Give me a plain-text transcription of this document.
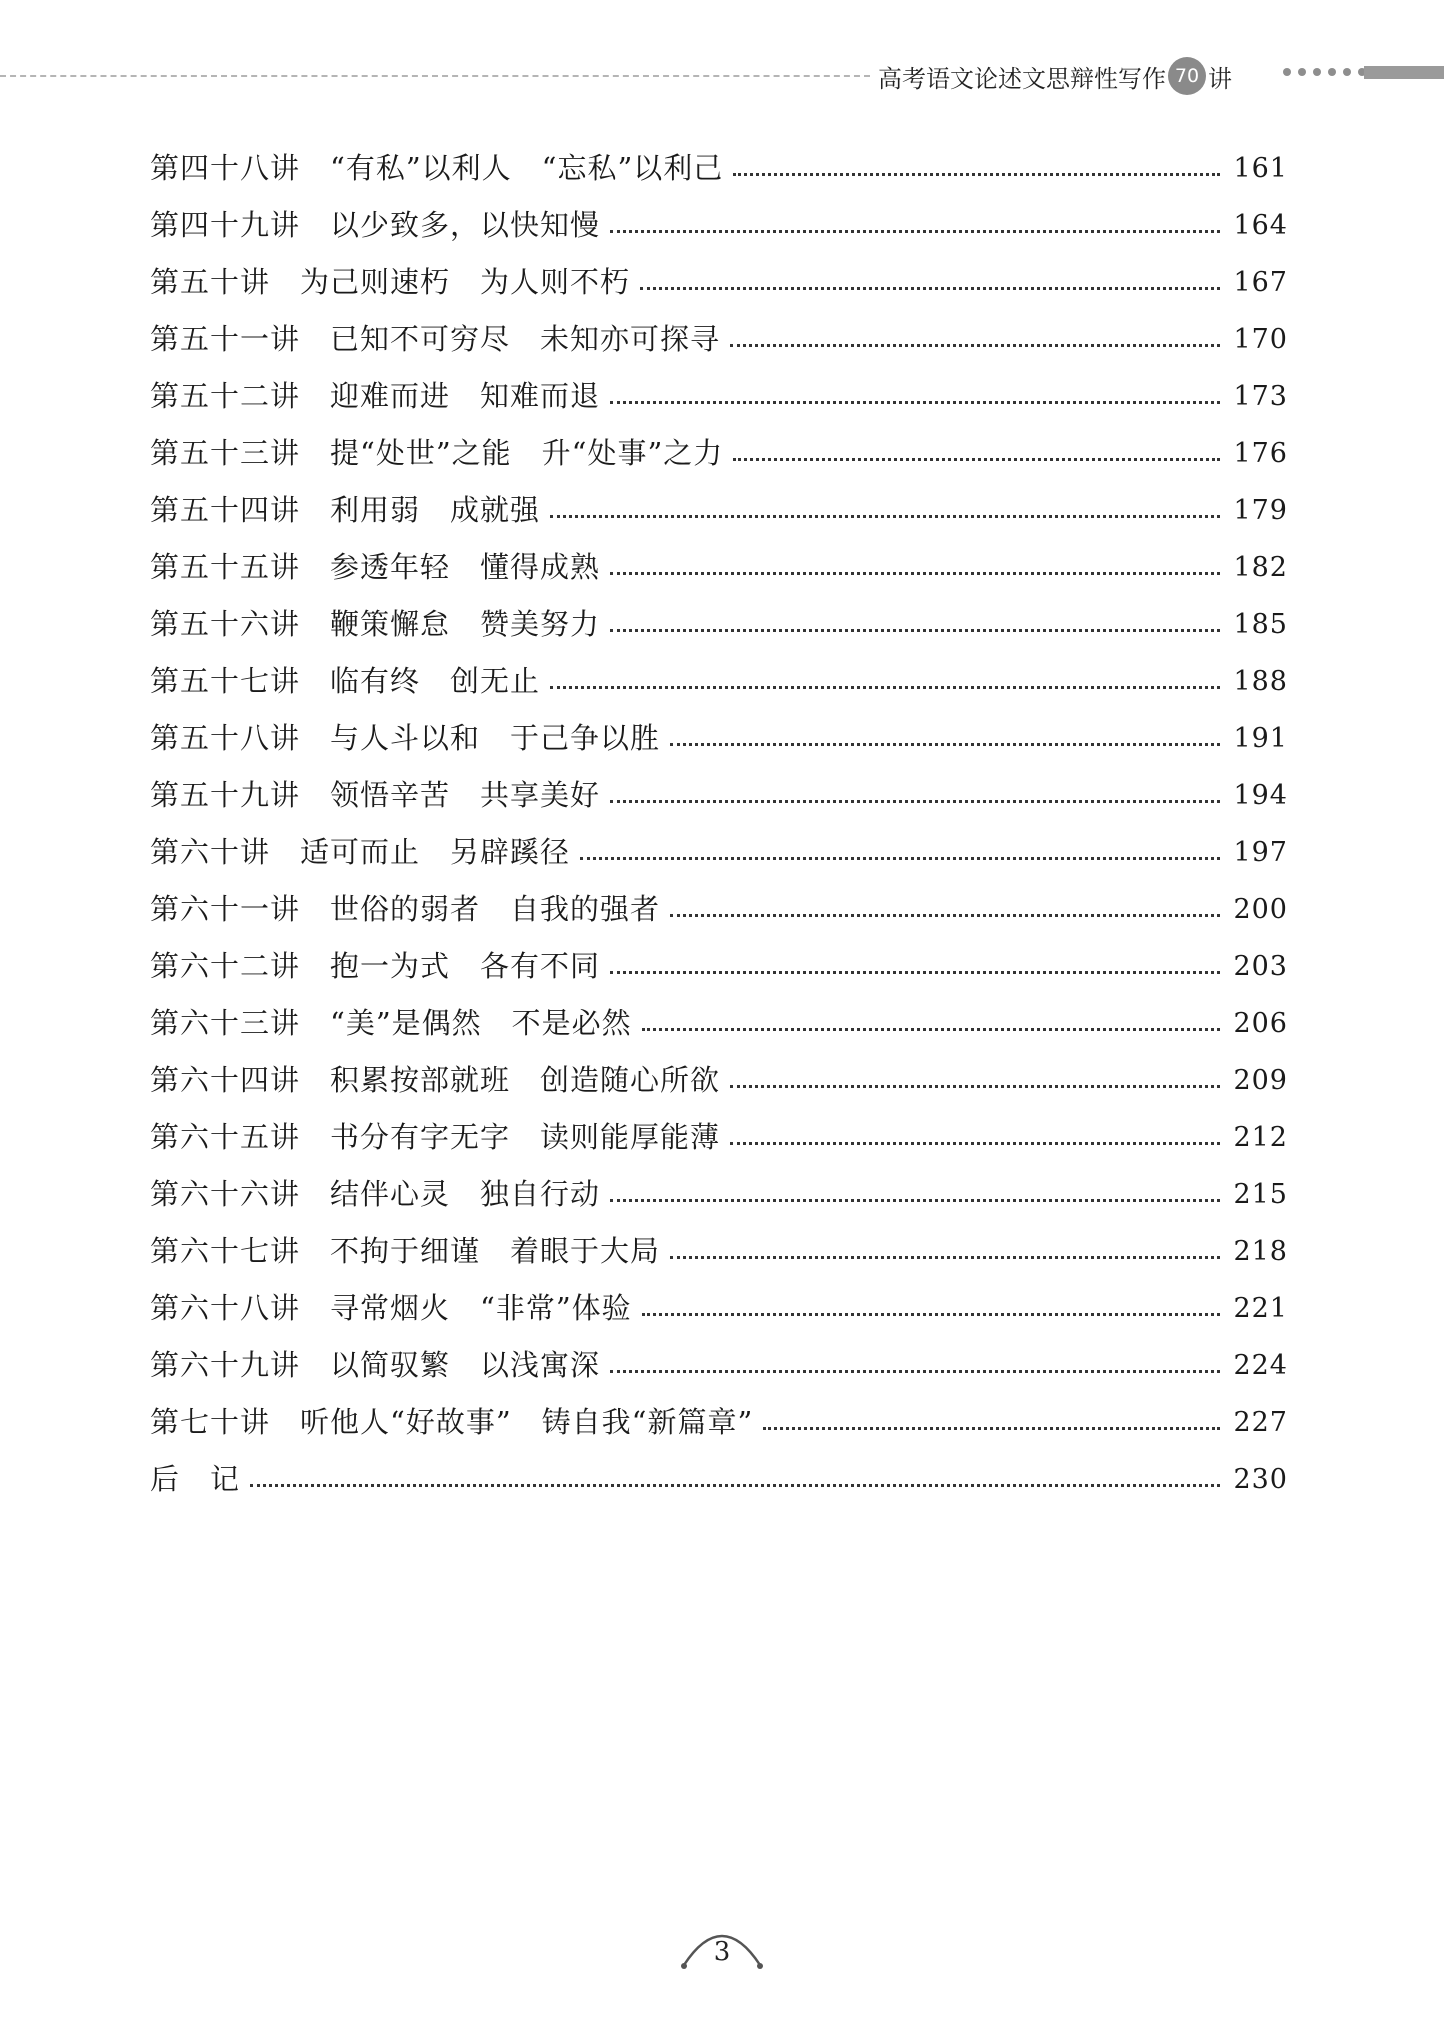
高考语文论述文思辩性写作 70 讲
第四十八讲　“有私”以利人　“忘私”以利己	161
第四十九讲　以少致多，以快知慢	164
第五十讲　为己则速朽　为人则不朽	167
第五十一讲　已知不可穷尽　未知亦可探寻	170
第五十二讲　迎难而进　知难而退	173
第五十三讲　提“处世”之能　升“处事”之力	176
第五十四讲　利用弱　成就强	179
第五十五讲　参透年轻　懂得成熟	182
第五十六讲　鞭策懈怠　赞美努力	185
第五十七讲　临有终　创无止	188
第五十八讲　与人斗以和　于己争以胜	191
第五十九讲　领悟辛苦　共享美好	194
第六十讲　适可而止　另辟蹊径	197
第六十一讲　世俗的弱者　自我的强者	200
第六十二讲　抱一为式　各有不同	203
第六十三讲　“美”是偶然　不是必然	206
第六十四讲　积累按部就班　创造随心所欲	209
第六十五讲　书分有字无字　读则能厚能薄	212
第六十六讲　结伴心灵　独自行动	215
第六十七讲　不拘于细谨　着眼于大局	218
第六十八讲　寻常烟火　“非常”体验	221
第六十九讲　以简驭繁　以浅寓深	224
第七十讲　听他人“好故事”　铸自我“新篇章”	227
后　记	230
3
